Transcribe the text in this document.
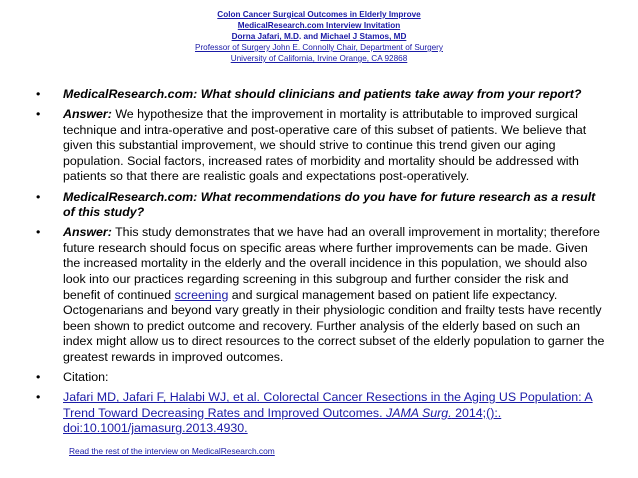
Colon Cancer Surgical Outcomes in Elderly Improve
MedicalResearch.com Interview Invitation
Dorna Jafari, M.D. and Michael J Stamos, MD
Professor of Surgery John E. Connolly Chair, Department of Surgery
University of California, Irvine Orange, CA 92868
• MedicalResearch.com: What should clinicians and patients take away from your report?
• Answer: We hypothesize that the improvement in mortality is attributable to improved surgical technique and intra-operative and post-operative care of this subset of patients. We believe that given this substantial improvement, we should strive to continue this trend given our aging population. Social factors, increased rates of morbidity and mortality should be addressed with patients so that there are realistic goals and expectations post-operatively.
• MedicalResearch.com: What recommendations do you have for future research as a result of this study?
• Answer: This study demonstrates that we have had an overall improvement in mortality; therefore future research should focus on specific areas where further improvements can be made. Given the increased mortality in the elderly and the overall incidence in this population, we should also look into our practices regarding screening in this subgroup and further consider the risk and benefit of continued screening and surgical management based on patient life expectancy. Octogenarians and beyond vary greatly in their physiologic condition and frailty tests have recently been shown to predict outcome and recovery. Further analysis of the elderly based on such an index might allow us to direct resources to the correct subset of the elderly population to garner the greatest rewards in improved outcomes.
• Citation:
• Jafari MD, Jafari F, Halabi WJ, et al. Colorectal Cancer Resections in the Aging US Population: A Trend Toward Decreasing Rates and Improved Outcomes. JAMA Surg. 2014;():. doi:10.1001/jamasurg.2013.4930.
Read the rest of the interview on MedicalResearch.com
